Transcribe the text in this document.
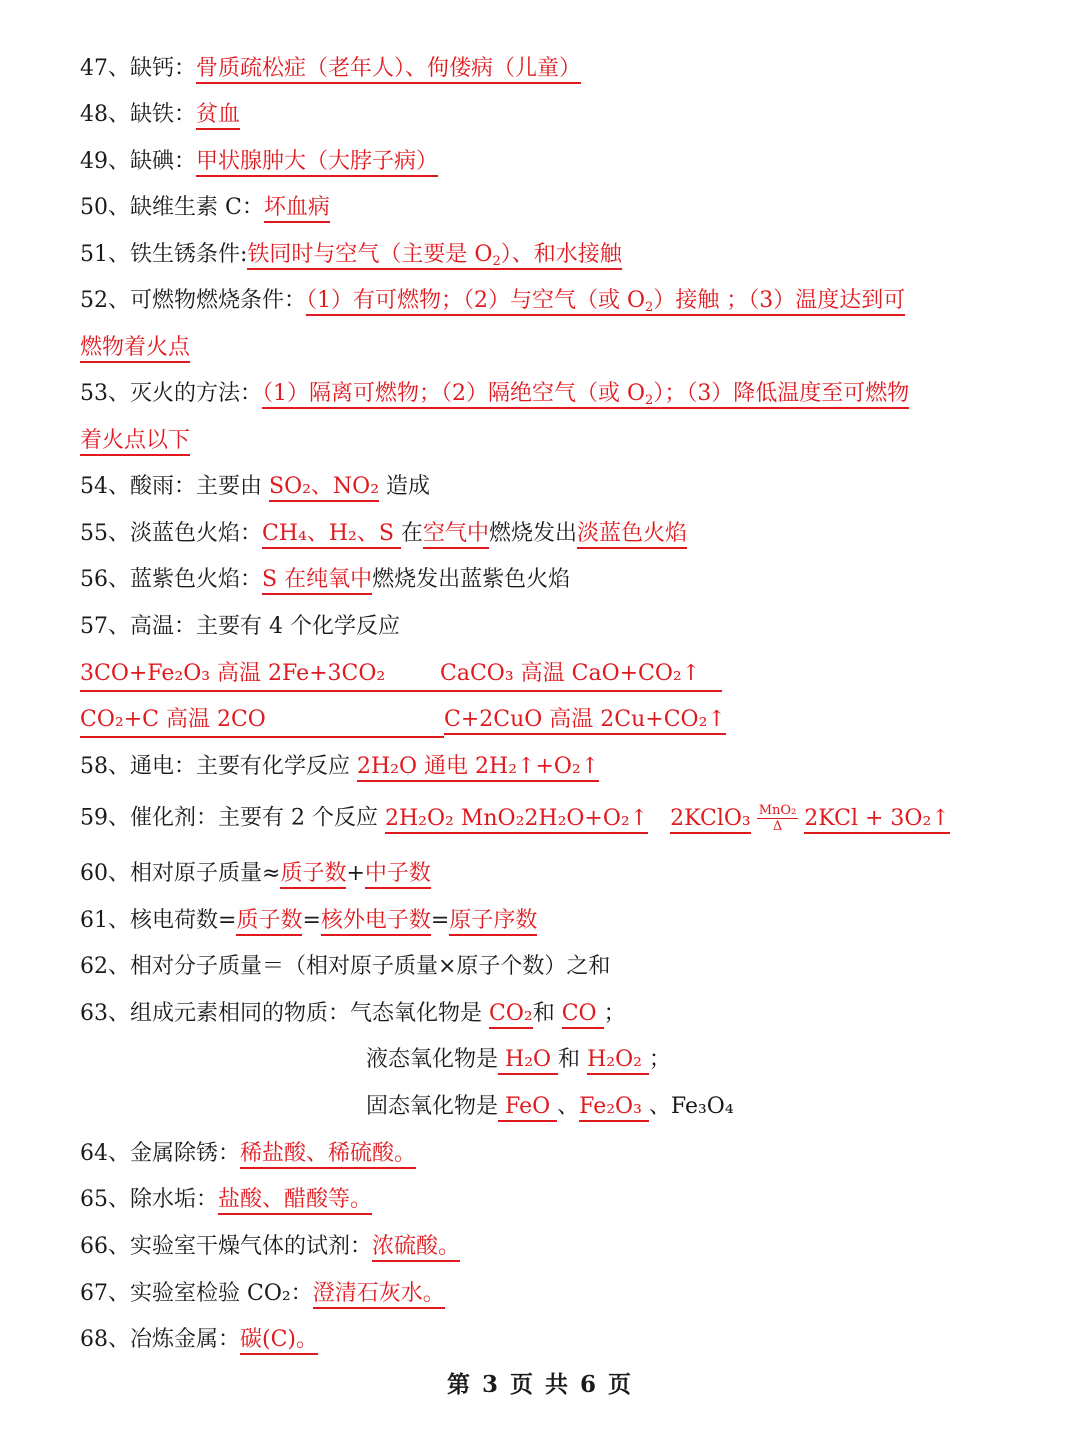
47、缺钙：骨质疏松症（老年人）、佝偻病（儿童）
48、缺铁：贫血
49、缺碘：甲状腺肿大（大脖子病）
50、缺维生素 C：坏血病
51、铁生锈条件:铁同时与空气（主要是 $O_2$）、和水接触
52、可燃物燃烧条件：（1）有可燃物；（2）与空气（或 $O_2$）接触 ；（3）温度达到可
燃物着火点
53、灭火的方法：（1）隔离可燃物；（2）隔绝空气（或 $O_2$）；（3）降低温度至可燃物
着火点以下
54、酸雨：主要由 SO₂、NO₂ 造成
55、淡蓝色火焰：CH₄、H₂、S 在空气中燃烧发出淡蓝色火焰
56、蓝紫色火焰：S 在纯氧中燃烧发出蓝紫色火焰
57、高温：主要有 4 个化学反应
3CO+Fe₂O₃ 高温 2Fe+3CO₂ CaCO₃ 高温 CaO+CO₂↑
CO₂+C 高温 2CO	C+2CuO 高温 2Cu+CO₂↑
58、通电：主要有化学反应 2H₂O 通电 2H₂↑+O₂↑
59、催化剂：主要有 2 个反应 2H₂O₂ MnO₂2H₂O+O₂↑ 2KClO₃ $\frac{\text{MnO₂}}{\Delta} 2KCl$ + 3O₂↑
60、相对原子质量≈质子数+中子数
61、核电荷数=质子数=核外电子数=原子序数
62、相对分子质量＝（相对原子质量×原子个数）之和
63、组成元素相同的物质：气态氧化物是 CO₂和 CO ；
液态氧化物是 H₂O 和 H₂O₂ ；
固态氧化物是 FeO 、Fe₂O₃ 、Fe₃O₄
64、金属除锈：稀盐酸、稀硫酸。
65、除水垢：盐酸、醋酸等。
66、实验室干燥气体的试剂：浓硫酸。
67、实验室检验 CO₂：澄清石灰水。
68、冶炼金属：碳(C)。
第 3 页 共 6 页
